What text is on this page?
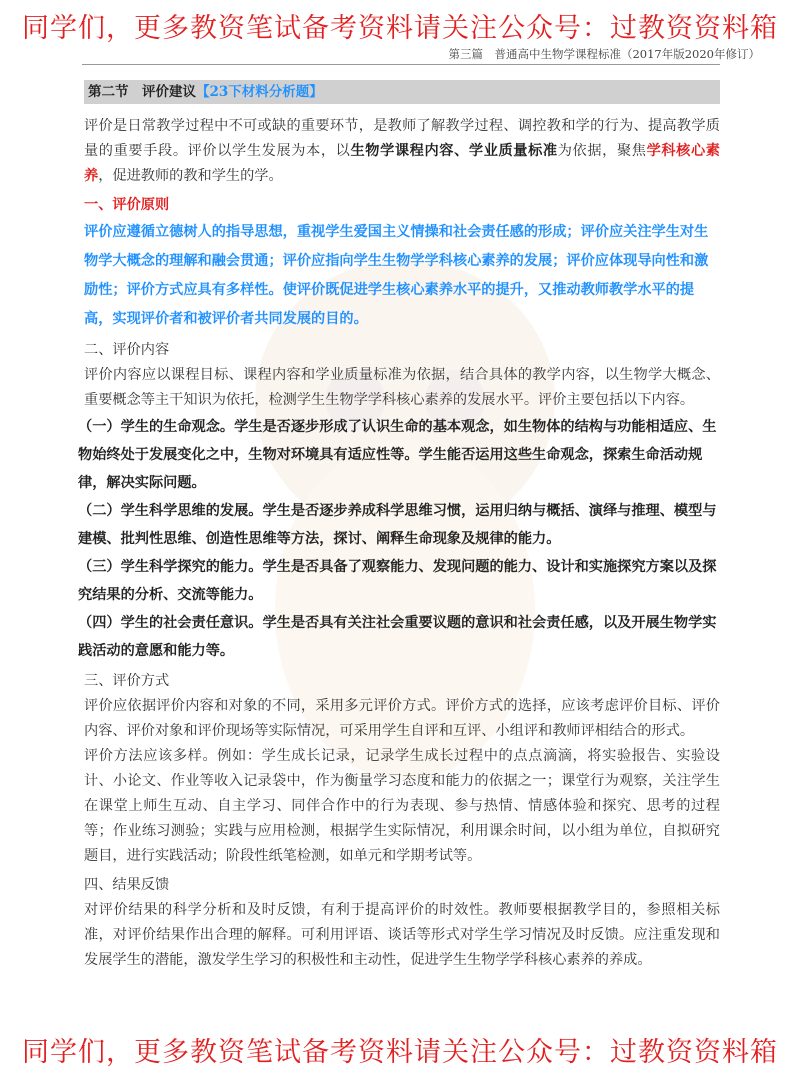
同学们，更多教资笔试备考资料请关注公众号：过教资资料箱
第三篇　普通高中生物学课程标准（2017年版2020年修订）
第二节　评价建议【23下材料分析题】

评价是日常教学过程中不可或缺的重要环节，是教师了解教学过程、调控教和学的行为、提高教学质量的重要手段。评价以学生发展为本，以生物学课程内容、学业质量标准为依据，聚焦学科核心素养，促进教师的教和学生的学。

一、评价原则
评价应遵循立德树人的指导思想，重视学生爱国主义情操和社会责任感的形成；评价应关注学生对生物学大概念的理解和融会贯通；评价应指向学生生物学学科核心素养的发展；评价应体现导向性和激励性；评价方式应具有多样性。使评价既促进学生核心素养水平的提升，又推动教师教学水平的提高，实现评价者和被评价者共同发展的目的。
二、评价内容

评价内容应以课程目标、课程内容和学业质量标准为依据，结合具体的教学内容，以生物学大概念、重要概念等主干知识为依托，检测学生生物学学科核心素养的发展水平。评价主要包括以下内容。

（一）学生的生命观念。学生是否逐步形成了认识生命的基本观念，如生物体的结构与功能相适应、生物始终处于发展变化之中，生物对环境具有适应性等。学生能否运用这些生命观念，探索生命活动规律，解决实际问题。
（二）学生科学思维的发展。学生是否逐步养成科学思维习惯，运用归纳与概括、演绎与推理、模型与建模、批判性思维、创造性思维等方法，探讨、阐释生命现象及规律的能力。
（三）学生科学探究的能力。学生是否具备了观察能力、发现问题的能力、设计和实施探究方案以及探究结果的分析、交流等能力。
（四）学生的社会责任意识。学生是否具有关注社会重要议题的意识和社会责任感，以及开展生物学实践活动的意愿和能力等。
三、评价方式

评价应依据评价内容和对象的不同，采用多元评价方式。评价方式的选择，应该考虑评价目标、评价内容、评价对象和评价现场等实际情况，可采用学生自评和互评、小组评和教师评相结合的形式。

评价方法应该多样。例如：学生成长记录，记录学生成长过程中的点点滴滴，将实验报告、实验设计、小论文、作业等收入记录袋中，作为衡量学习态度和能力的依据之一；课堂行为观察，关注学生在课堂上师生互动、自主学习、同伴合作中的行为表现、参与热情、情感体验和探究、思考的过程等；作业练习测验；实践与应用检测，根据学生实际情况，利用课余时间，以小组为单位，自拟研究题目，进行实践活动；阶段性纸笔检测，如单元和学期考试等。

四、结果反馈

对评价结果的科学分析和及时反馈，有利于提高评价的时效性。教师要根据教学目的，参照相关标准，对评价结果作出合理的解释。可利用评语、谈话等形式对学生学习情况及时反馈。应注重发现和发展学生的潜能，激发学生学习的积极性和主动性，促进学生生物学学科核心素养的养成。

同学们，更多教资笔试备考资料请关注公众号：过教资资料箱
